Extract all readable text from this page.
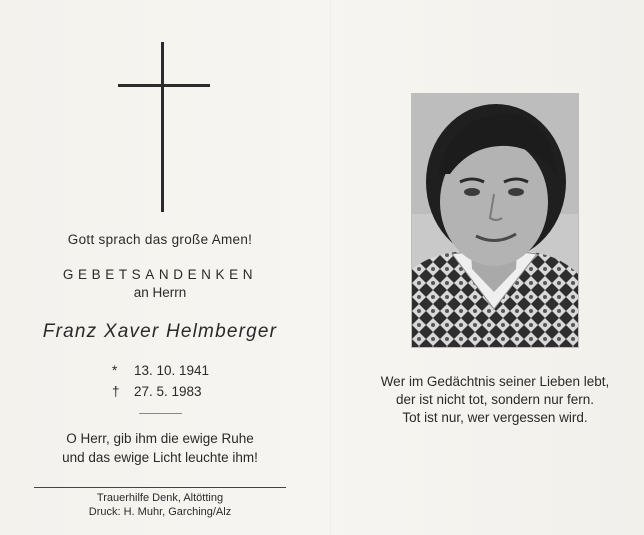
Gott sprach das große Amen!
GEBETSANDENKEN
an Herrn
Franz Xaver Helmberger
* 13. 10. 1941
† 27. 5. 1983
O Herr, gib ihm die ewige Ruhe
und das ewige Licht leuchte ihm!
Trauerhilfe Denk, Altötting
Druck: H. Muhr, Garching/Alz
Wer im Gedächtnis seiner Lieben lebt,
der ist nicht tot, sondern nur fern.
Tot ist nur, wer vergessen wird.
